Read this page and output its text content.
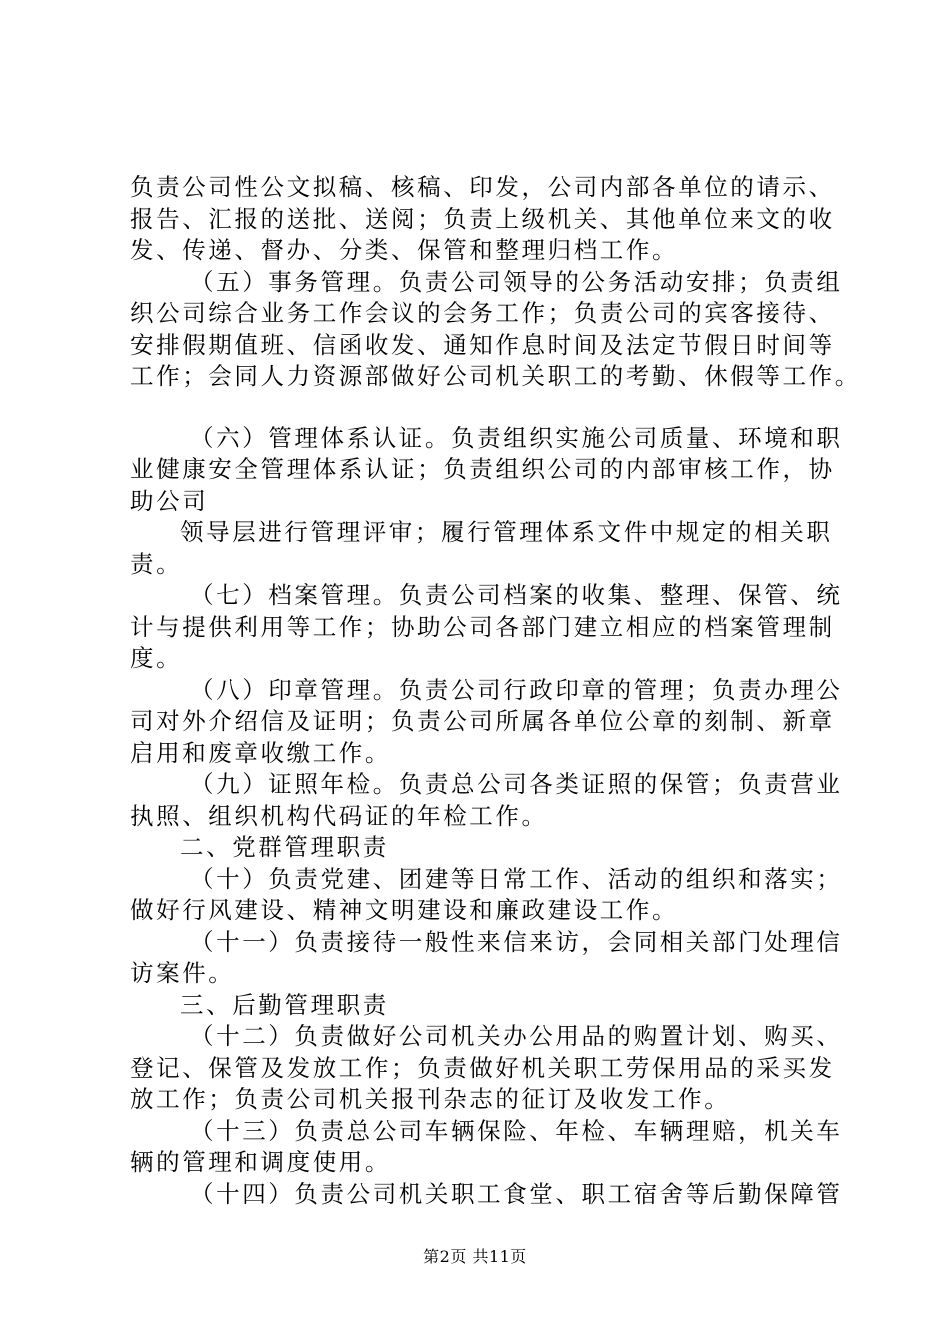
负责公司性公文拟稿、核稿、印发，公司内部各单位的请示、
报告、汇报的送批、送阅；负责上级机关、其他单位来文的收
发、传递、督办、分类、保管和整理归档工作。
（五）事务管理。负责公司领导的公务活动安排；负责组
织公司综合业务工作会议的会务工作；负责公司的宾客接待、
安排假期值班、信函收发、通知作息时间及法定节假日时间等
工作；会同人力资源部做好公司机关职工的考勤、休假等工作。
（六）管理体系认证。负责组织实施公司质量、环境和职
业健康安全管理体系认证；负责组织公司的内部审核工作，协
助公司
领导层进行管理评审；履行管理体系文件中规定的相关职
责。
（七）档案管理。负责公司档案的收集、整理、保管、统
计与提供利用等工作；协助公司各部门建立相应的档案管理制
度。
（八）印章管理。负责公司行政印章的管理；负责办理公
司对外介绍信及证明；负责公司所属各单位公章的刻制、新章
启用和废章收缴工作。
（九）证照年检。负责总公司各类证照的保管；负责营业
执照、组织机构代码证的年检工作。
二、党群管理职责
（十）负责党建、团建等日常工作、活动的组织和落实；
做好行风建设、精神文明建设和廉政建设工作。
（十一）负责接待一般性来信来访，会同相关部门处理信
访案件。
三、后勤管理职责
（十二）负责做好公司机关办公用品的购置计划、购买、
登记、保管及发放工作；负责做好机关职工劳保用品的采买发
放工作；负责公司机关报刊杂志的征订及收发工作。
（十三）负责总公司车辆保险、年检、车辆理赔，机关车
辆的管理和调度使用。
（十四）负责公司机关职工食堂、职工宿舍等后勤保障管
第2页 共11页
